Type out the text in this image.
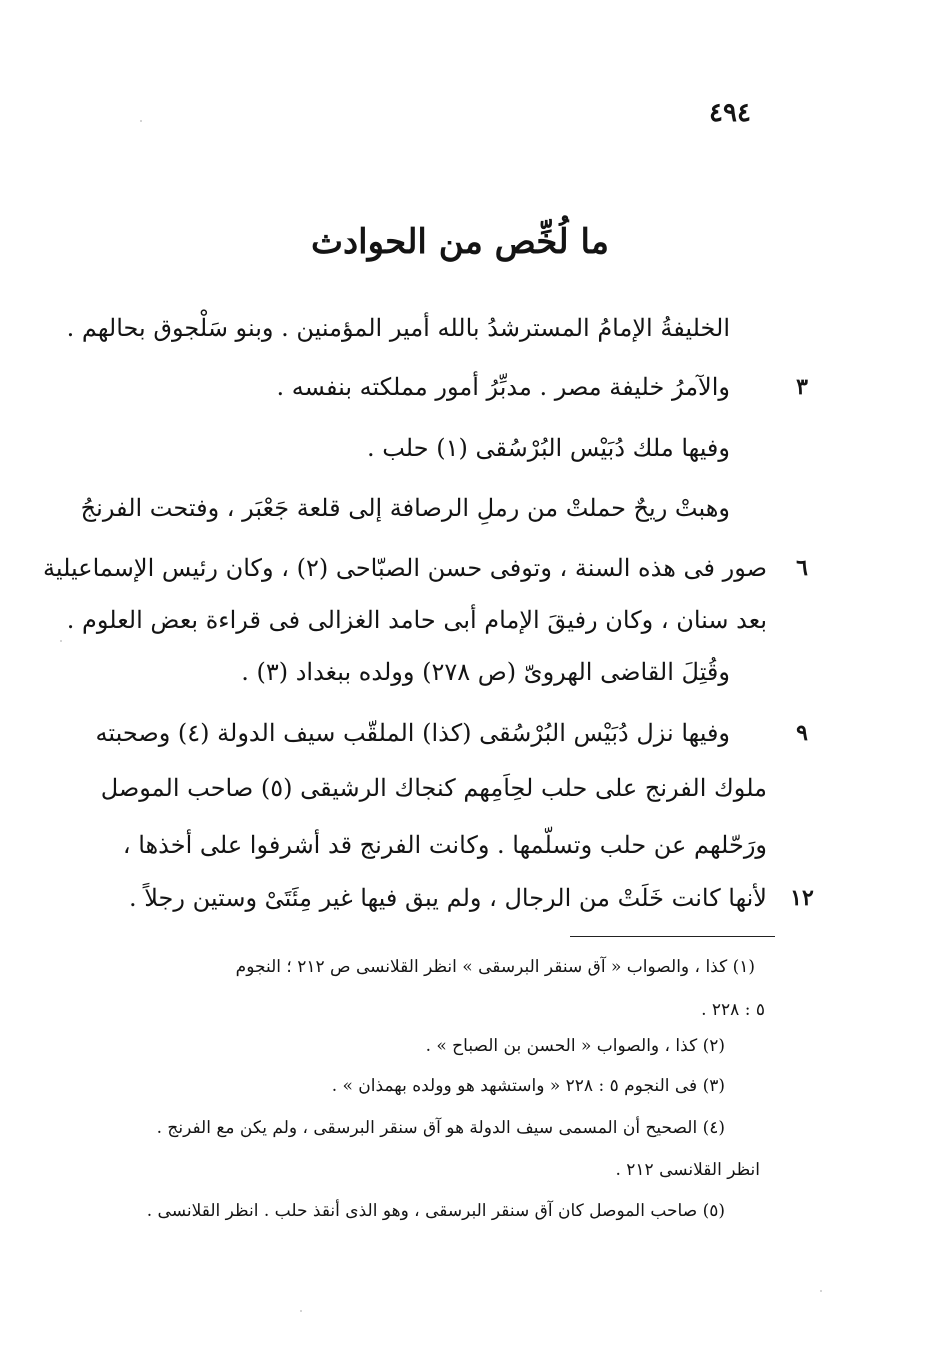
٤٩٤
ما لُخِّص من الحوادث
الخليفةُ الإمامُ المسترشدُ بالله أمير المؤمنين . وبنو سَلْجوق بحالهم .
والآمرُ خليفة مصر . مدبِّرُ أمور مملكته بنفسه .
وفيها ملك دُبَيْس البُرْسُقى (١) حلب .
وهبتْ ريحٌ حملتْ من رملِ الرصافة إلى قلعة جَعْبَر ، وفتحت الفرنجُ
صور فى هذه السنة ، وتوفى حسن الصبّاحى (٢) ، وكان رئيس الإسماعيلية
بعد سنان ، وكان رفيقَ الإمام أبى حامد الغزالى فى قراءة بعض العلوم .
وقُتِلَ القاضى الهروىّ (ص ٢٧٨) وولده ببغداد (٣) .
وفيها نزل دُبَيْس البُرْسُقى (كذا) الملقّب سيف الدولة (٤) وصحبته
ملوك الفرنج على حلب لحِاَمِهم كنجاك الرشيقى (٥) صاحب الموصل
ورَحّلهم عن حلب وتسلّمها . وكانت الفرنج قد أشرفوا على أخذها ،
لأنها كانت خَلَتْ من الرجال ، ولم يبق فيها غير مِئَتَىْ وستين رجلاً .
٣
٦
٩
١٢
(١) كذا ، والصواب « آق سنقر البرسقى » انظر القلانسى ص ٢١٢ ؛ النجوم
٥ : ٢٢٨ .
(٢) كذا ، والصواب « الحسن بن الصباح » .
(٣) فى النجوم ٥ : ٢٢٨ « واستشهد هو وولده بهمذان » .
(٤) الصحيح أن المسمى سيف الدولة هو آق سنقر البرسقى ، ولم يكن مع الفرنج .
انظر القلانسى ٢١٢ .
(٥) صاحب الموصل كان آق سنقر البرسقى ، وهو الذى أنقذ حلب . انظر القلانسى .
